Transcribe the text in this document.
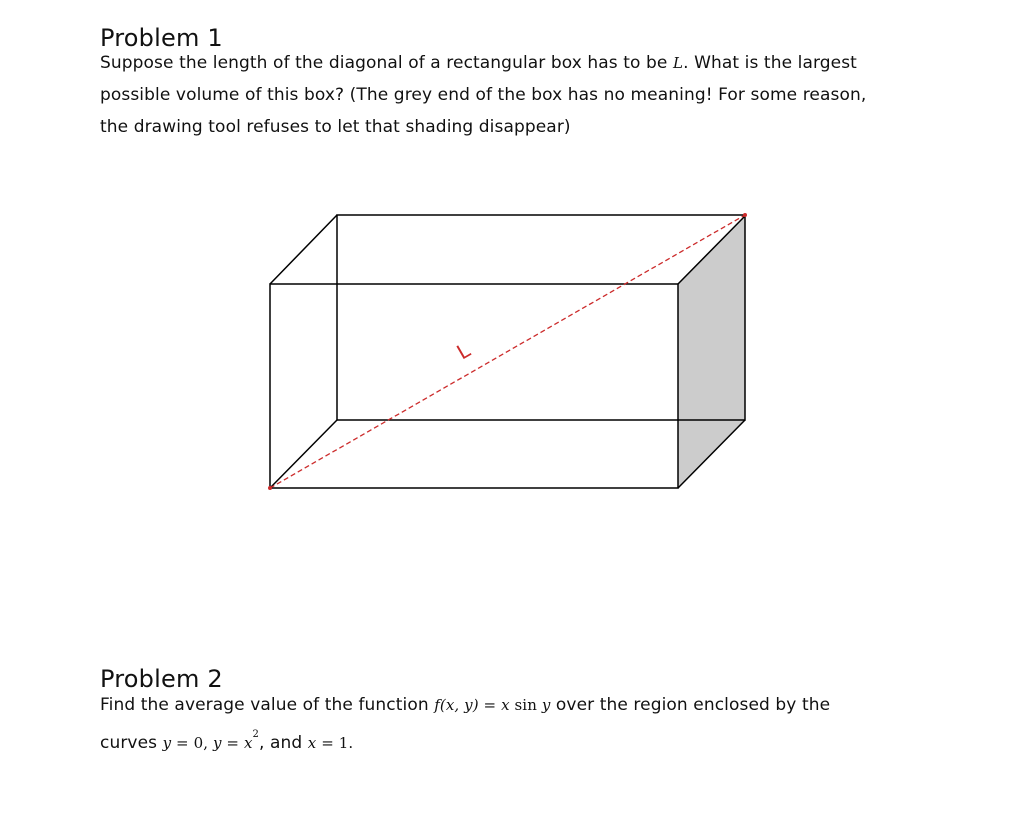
Problem 1

Suppose the length of the diagonal of a rectangular box has to be L. What is the largest

possible volume of this box? (The grey end of the box has no meaning! For some reason,

the drawing tool refuses to let that shading disappear)

L
Problem 2

Find the average value of the function f(x, y) = x sin y over the region enclosed by the

curves y = 0, $y = x^2$, and x = 1.
